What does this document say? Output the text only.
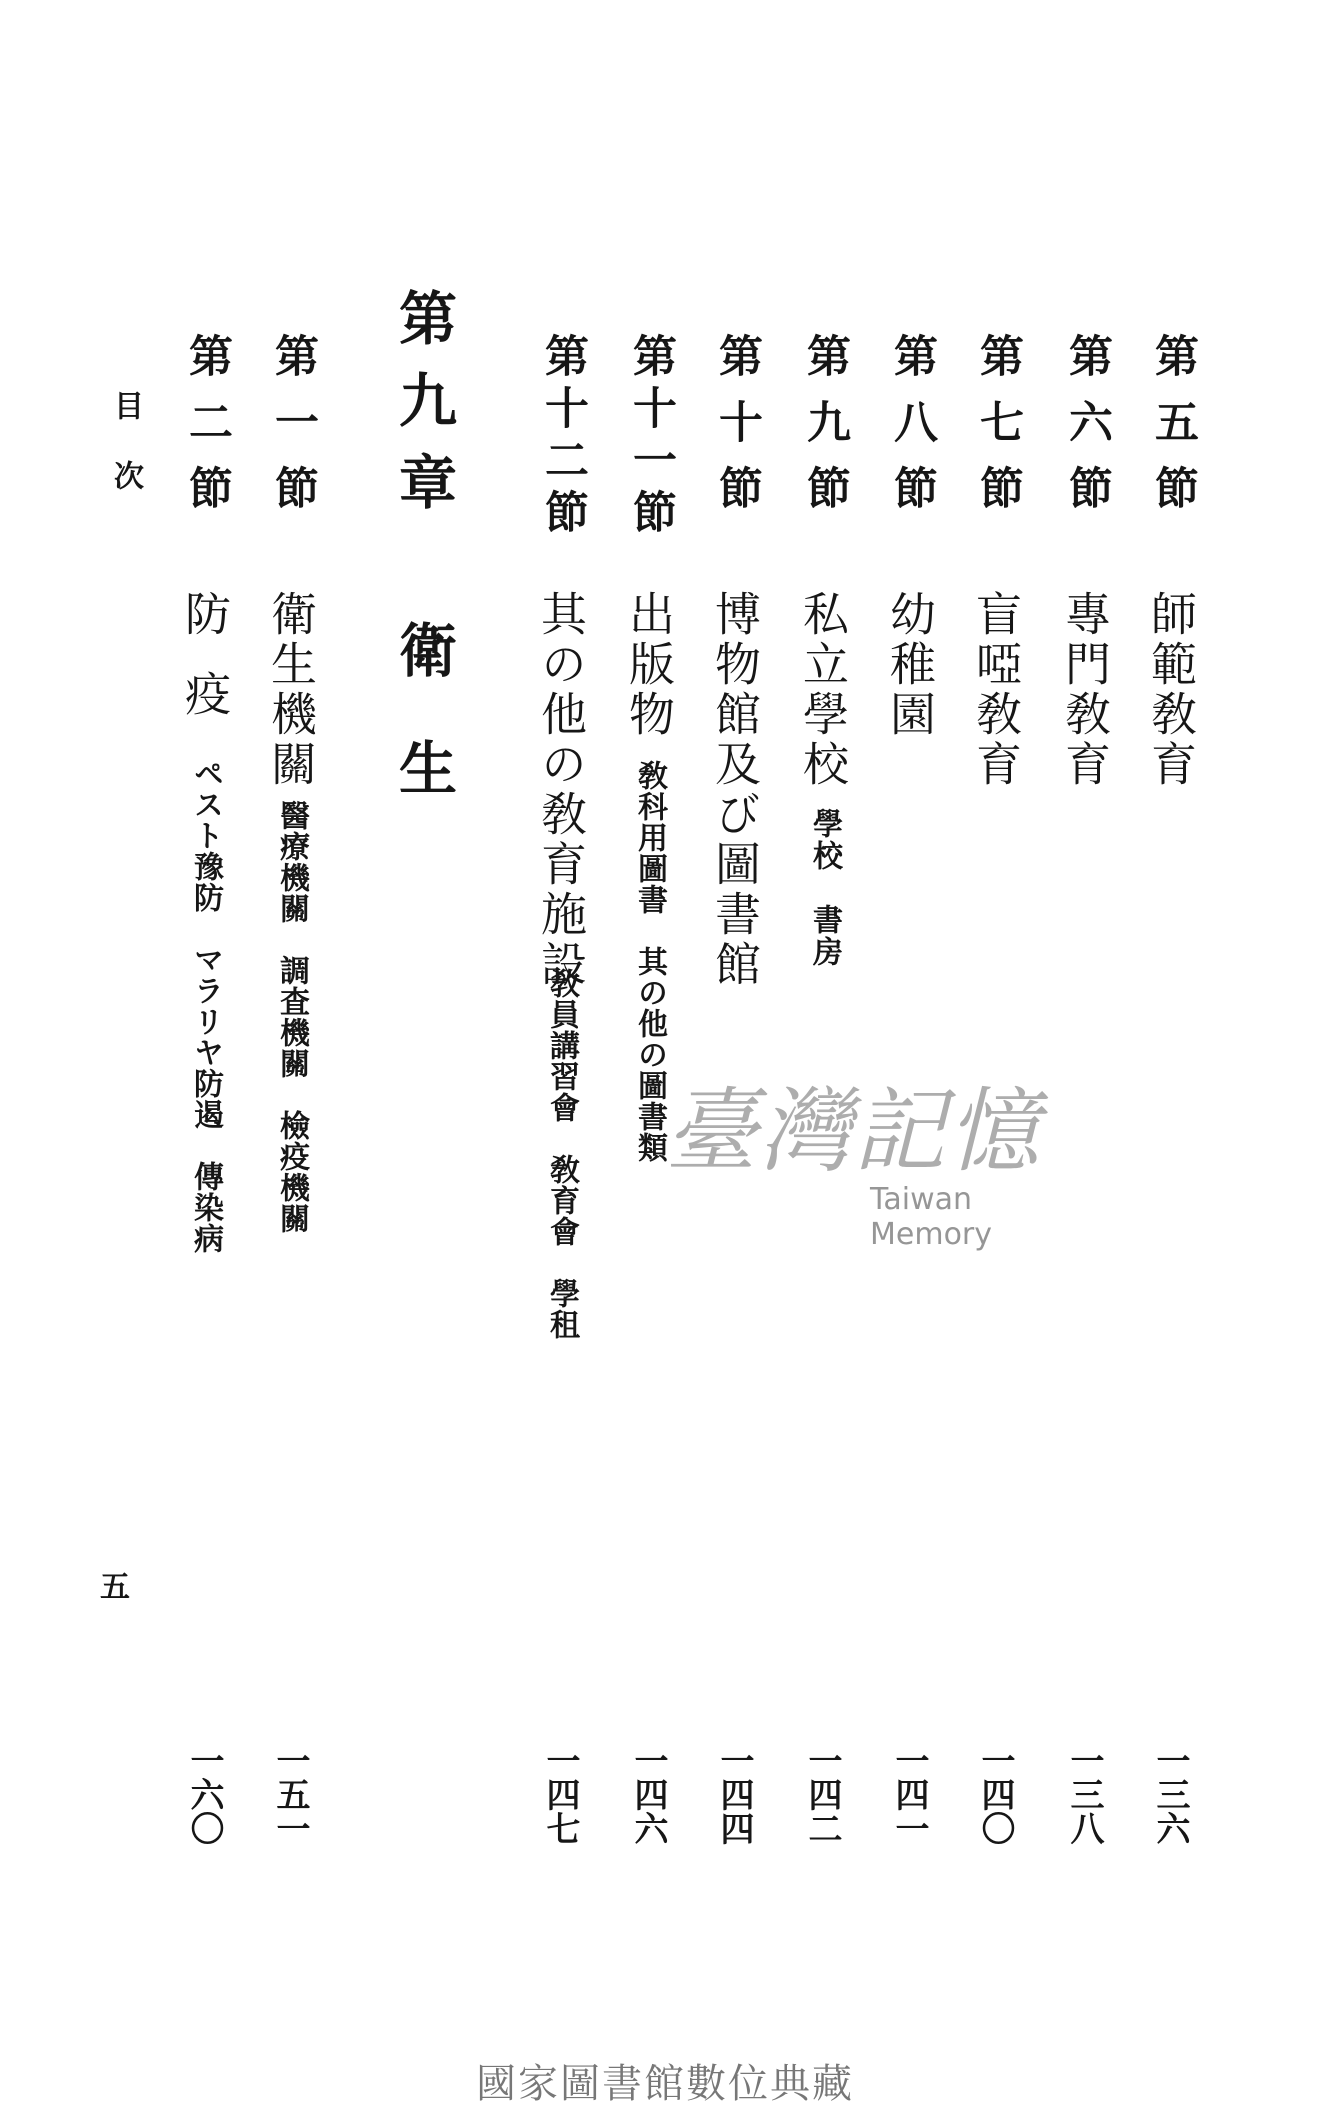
第五節
師範敎育
一三六
第六節
專門敎育
一三八
第七節
盲啞敎育
一四〇
第八節
幼稚園
一四一
第九節
私立學校
學校　書房
一四二
第十節
博物館及び圖書館
一四四
第十一節
出版物
敎科用圖書　其の他の圖書類
一四六
第十二節
其の他の敎育施設
敎員講習會　敎育會　學租
一四七
第九章
衛生
第一節
衛生機關
醫療機關　調査機關　檢疫機關
一五一
第二節
防疫
ペスト豫防　マラリヤ防遏　傳染病
一六〇
目次
五
臺灣記憶
Taiwan Memory
國家圖書館數位典藏
